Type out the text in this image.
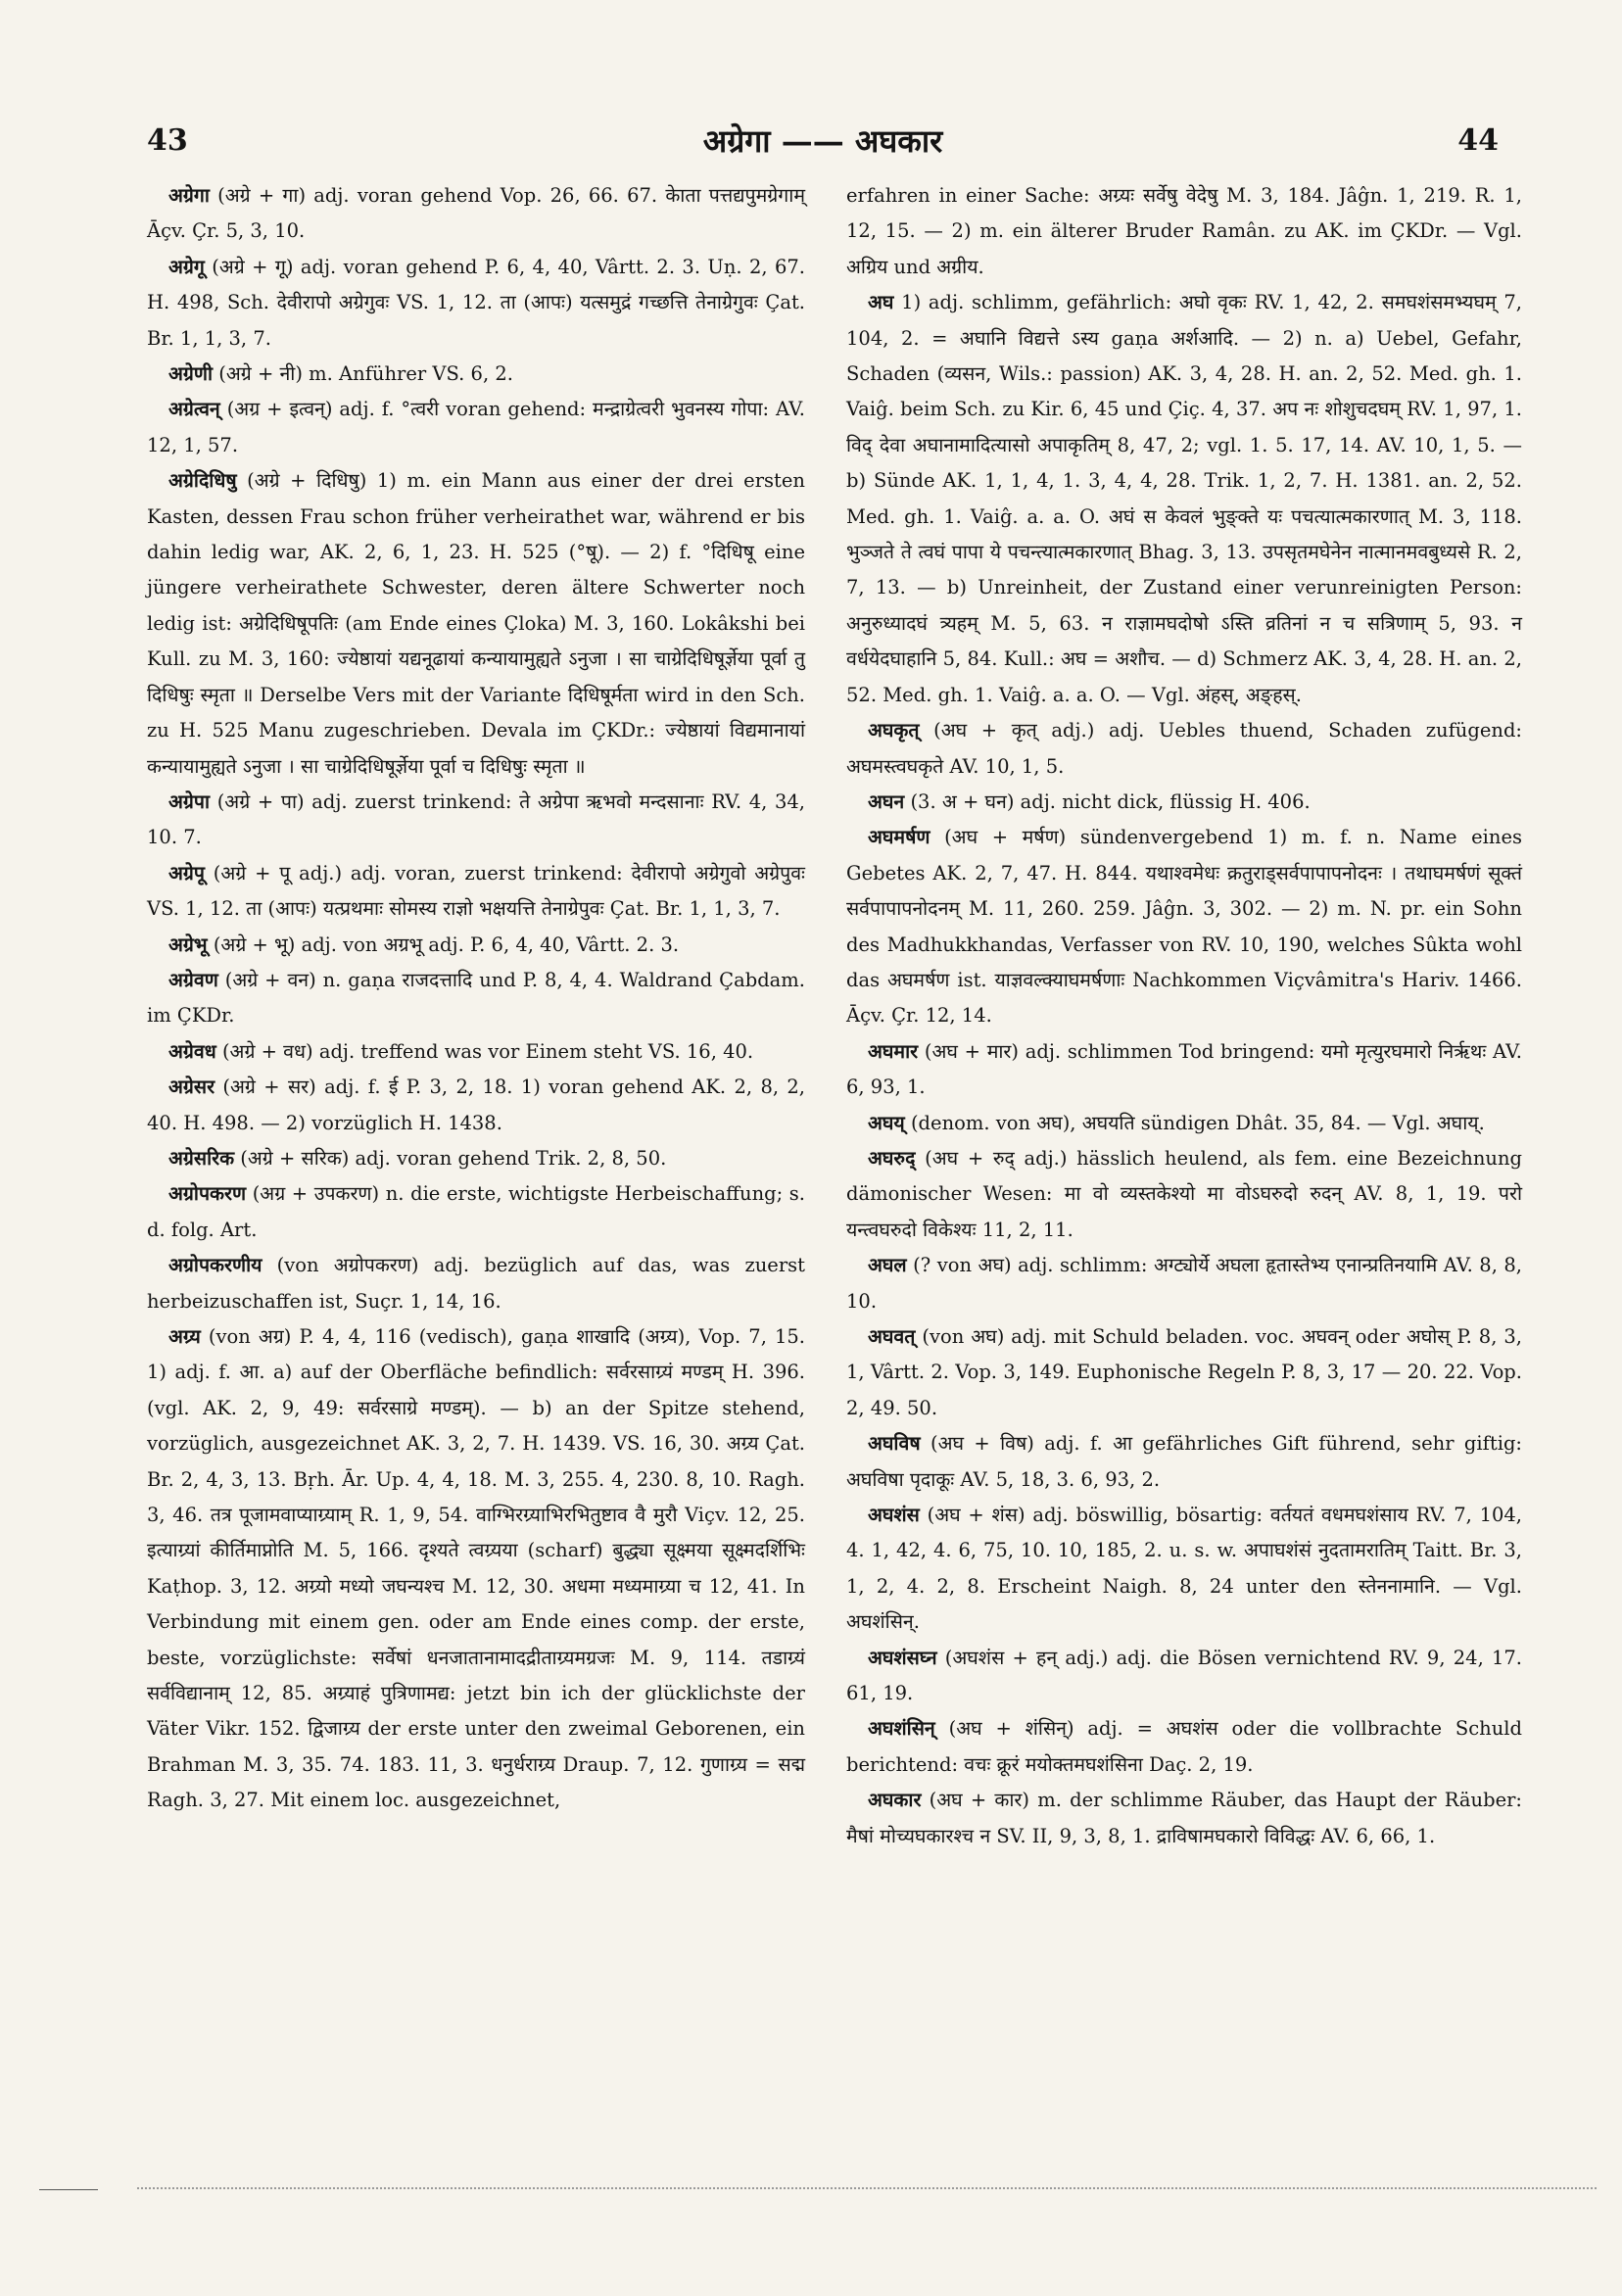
43	अग्रेगा —— अघकार	44

अग्रेगा (अग्रे + गा) adj. voran gehend Vop. 26, 66. 67. केाता पत्तद्यपुमग्रेगाम् Āçv. Çr. 5, 3, 10.

अग्रेगू (अग्रे + गू) adj. voran gehend P. 6, 4, 40, Vârtt. 2. 3. Uṇ. 2, 67. H. 498, Sch. देवीरापो अग्रेगुवः VS. 1, 12. ता (आपः) यत्समुद्रं गच्छत्ति तेनाग्रेगुवः Çat. Br. 1, 1, 3, 7.

अग्रेणी (अग्रे + नी) m. Anführer VS. 6, 2.

अग्रेत्वन् (अग्र + इत्वन्) adj. f. °त्वरी voran gehend: मन्द्राग्रेत्वरी भुवनस्य गोपा: AV. 12, 1, 57.

अग्रेदिधिषु (अग्रे + दिधिषु) 1) m. ein Mann aus einer der drei ersten Kasten, dessen Frau schon früher verheirathet war, während er bis dahin ledig war, AK. 2, 6, 1, 23. H. 525 (°षू). — 2) f. °दिधिषू eine jüngere verheirathete Schwester, deren ältere Schwerter noch ledig ist: अग्रेदिधिषूपतिः (am Ende eines Çloka) M. 3, 160. Lokâkshi bei Kull. zu M. 3, 160: ज्येष्ठायां यद्यनूढायां कन्यायामुह्यते ऽनुजा । सा चाग्रेदिधिषूर्ज्ञेया पूर्वा तु दिधिषुः स्मृता ॥ Derselbe Vers mit der Variante दिधिषूर्मता wird in den Sch. zu H. 525 Manu zugeschrieben. Devala im ÇKDr.: ज्येष्ठायां विद्यमानायां कन्यायामुह्यते ऽनुजा । सा चाग्रेदिधिषूर्ज्ञेया पूर्वा च दिधिषुः स्मृता ॥

अग्रेपा (अग्रे + पा) adj. zuerst trinkend: ते अग्रेपा ऋभवो मन्दसानाः RV. 4, 34, 10. 7.

अग्रेपू (अग्रे + पू adj.) adj. voran, zuerst trinkend: देवीरापो अग्रेगुवो अग्रेपुवः VS. 1, 12. ता (आपः) यत्प्रथमाः सोमस्य राज्ञो भक्षयत्ति तेनाग्रेपुवः Çat. Br. 1, 1, 3, 7.

अग्रेभू (अग्रे + भू) adj. von अग्रभू adj. P. 6, 4, 40, Vârtt. 2. 3.

अग्रेवण (अग्रे + वन) n. gaṇa राजदत्तादि und P. 8, 4, 4. Waldrand Çabdam. im ÇKDr.

अग्रेवध (अग्रे + वध) adj. treffend was vor Einem steht VS. 16, 40.

अग्रेसर (अग्रे + सर) adj. f. ई P. 3, 2, 18. 1) voran gehend AK. 2, 8, 2, 40. H. 498. — 2) vorzüglich H. 1438.

अग्रेसरिक (अग्रे + सरिक) adj. voran gehend Trik. 2, 8, 50.

अग्रोपकरण (अग्र + उपकरण) n. die erste, wichtigste Herbeischaffung; s. d. folg. Art.

अग्रोपकरणीय (von अग्रोपकरण) adj. bezüglich auf das, was zuerst herbeizuschaffen ist, Suçr. 1, 14, 16.

अग्र्य (von अग्र) P. 4, 4, 116 (vedisch), gaṇa शाखादि (अग्र्य), Vop. 7, 15. 1) adj. f. आ. a) auf der Oberfläche befindlich: सर्वरसाग्र्यं मण्डम् H. 396. (vgl. AK. 2, 9, 49: सर्वरसाग्रे मण्डम्). — b) an der Spitze stehend, vorzüglich, ausgezeichnet AK. 3, 2, 7. H. 1439. VS. 16, 30. अग्र्य Çat. Br. 2, 4, 3, 13. Bṛh. Ār. Up. 4, 4, 18. M. 3, 255. 4, 230. 8, 10. Ragh. 3, 46. तत्र पूजामवाप्याग्र्याम् R. 1, 9, 54. वाग्भिरग्र्याभिरभितुष्टाव वै मुरौ Viçv. 12, 25. इत्याग्र्यां कीर्तिमाप्नोति M. 5, 166. दृश्यते त्वग्र्यया (scharf) बुद्ध्या सूक्ष्मया सूक्ष्मदर्शिभिः Kaṭhop. 3, 12. अग्र्यो मध्यो जघन्यश्च M. 12, 30. अधमा मध्यमाग्र्या च 12, 41. In Verbindung mit einem gen. oder am Ende eines comp. der erste, beste, vorzüglichste: सर्वेषां धनजातानामादद्रीताग्र्यमग्रजः M. 9, 114. तडाग्र्यं सर्वविद्यानाम् 12, 85. अग्र्याहं पुत्रिणामद्य: jetzt bin ich der glücklichste der Väter Vikr. 152. द्विजाग्र्य der erste unter den zweimal Geborenen, ein Brahman M. 3, 35. 74. 183. 11, 3. धनुर्धराग्र्य Draup. 7, 12. गुणाग्र्य = सद्म Ragh. 3, 27. Mit einem loc. ausgezeichnet,

erfahren in einer Sache: अग्र्यः सर्वेषु वेदेषु M. 3, 184. Jâĝn. 1, 219. R. 1, 12, 15. — 2) m. ein älterer Bruder Ramân. zu AK. im ÇKDr. — Vgl. अग्रिय und अग्रीय.

अघ 1) adj. schlimm, gefährlich: अघो वृकः RV. 1, 42, 2. समघशंसमभ्यघम् 7, 104, 2. = अघानि विद्यत्ते ऽस्य gaṇa अर्शआदि. — 2) n. a) Uebel, Gefahr, Schaden (व्यसन, Wils.: passion) AK. 3, 4, 28. H. an. 2, 52. Med. gh. 1. Vaiĝ. beim Sch. zu Kir. 6, 45 und Çiç. 4, 37. अप नः शोशुचदघम् RV. 1, 97, 1. विद् देवा अघानामादित्यासो अपाकृतिम् 8, 47, 2; vgl. 1. 5. 17, 14. AV. 10, 1, 5. — b) Sünde AK. 1, 1, 4, 1. 3, 4, 4, 28. Trik. 1, 2, 7. H. 1381. an. 2, 52. Med. gh. 1. Vaiĝ. a. a. O. अघं स केवलं भुङ्क्ते यः पचत्यात्मकारणात् M. 3, 118. भुञ्जते ते त्वघं पापा ये पचन्त्यात्मकारणात् Bhag. 3, 13. उपसृतमघेनेन नात्मानमवबुध्यसे R. 2, 7, 13. — b) Unreinheit, der Zustand einer verunreinigten Person: अनुरुध्यादघं त्र्यहम् M. 5, 63. न राज्ञामघदोषो ऽस्ति व्रतिनां न च सत्रिणाम् 5, 93. न वर्धयेदघाहानि 5, 84. Kull.: अघ = अशौच. — d) Schmerz AK. 3, 4, 28. H. an. 2, 52. Med. gh. 1. Vaiĝ. a. a. O. — Vgl. अंहस्, अङ्हस्.

अघकृत् (अघ + कृत् adj.) adj. Uebles thuend, Schaden zufügend: अघमस्त्वघकृते AV. 10, 1, 5.

अघन (3. अ + घन) adj. nicht dick, flüssig H. 406.

अघमर्षण (अघ + मर्षण) sündenvergebend 1) m. f. n. Name eines Gebetes AK. 2, 7, 47. H. 844. यथाश्वमेधः क्रतुराड्सर्वपापापनोदनः । तथाघमर्षणं सूक्तं सर्वपापापनोदनम् M. 11, 260. 259. Jâĝn. 3, 302. — 2) m. N. pr. ein Sohn des Madhukkhandas, Verfasser von RV. 10, 190, welches Sûkta wohl das अघमर्षण ist. याज्ञवल्क्याघमर्षणाः Nachkommen Viçvâmitra's Hariv. 1466. Āçv. Çr. 12, 14.

अघमार (अघ + मार) adj. schlimmen Tod bringend: यमो मृत्युरघमारो निर्ऋथः AV. 6, 93, 1.

अघय् (denom. von अघ), अघयति sündigen Dhât. 35, 84. — Vgl. अघाय्.

अघरुद् (अघ + रुद् adj.) hässlich heulend, als fem. eine Bezeichnung dämonischer Wesen: मा वो व्यस्तकेश्यो मा वोऽघरुदो रुदन् AV. 8, 1, 19. परो यन्त्वघरुदो विकेश्यः 11, 2, 11.

अघल (? von अघ) adj. schlimm: अग्ट्योर्ये अघला हृतास्तेभ्य एनान्प्रतिनयामि AV. 8, 8, 10.

अघवत् (von अघ) adj. mit Schuld beladen. voc. अघवन् oder अघोस् P. 8, 3, 1, Vârtt. 2. Vop. 3, 149. Euphonische Regeln P. 8, 3, 17 — 20. 22. Vop. 2, 49. 50.

अघविष (अघ + विष) adj. f. आ gefährliches Gift führend, sehr giftig: अघविषा पृदाकूः AV. 5, 18, 3. 6, 93, 2.

अघशंस (अघ + शंस) adj. böswillig, bösartig: वर्तयतं वधमघशंसाय RV. 7, 104, 4. 1, 42, 4. 6, 75, 10. 10, 185, 2. u. s. w. अपाघशंसं नुदतामरातिम् Taitt. Br. 3, 1, 2, 4. 2, 8. Erscheint Naigh. 8, 24 unter den स्तेननामानि. — Vgl. अघशंसिन्.

अघशंसघ्न (अघशंस + हन् adj.) adj. die Bösen vernichtend RV. 9, 24, 17. 61, 19.

अघशंसिन् (अघ + शंसिन्) adj. = अघशंस oder die vollbrachte Schuld berichtend: वचः क्रूरं मयोक्तमघशंसिना Daç. 2, 19.

अघकार (अघ + कार) m. der schlimme Räuber, das Haupt der Räuber: मैषां मोच्यघकारश्च न SV. II, 9, 3, 8, 1. द्राविषामघकारो विविद्धः AV. 6, 66, 1.
